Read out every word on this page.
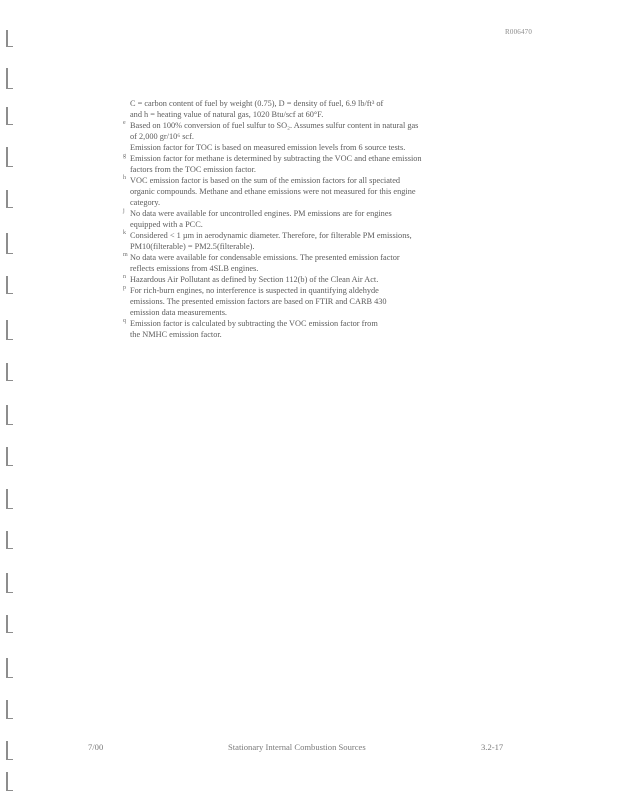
R006470
C = carbon content of fuel by weight (0.75), D = density of fuel, 6.9 lb/ft³ of
and h = heating value of natural gas, 1020 Btu/scf at 60°F.
e Based on 100% conversion of fuel sulfur to SO₂. Assumes sulfur content in natural gas
of 2,000 gr/10⁶ scf.
Emission factor for TOC is based on measured emission levels from 6 source tests.
g Emission factor for methane is determined by subtracting the VOC and ethane emission
factors from the TOC emission factor.
h VOC emission factor is based on the sum of the emission factors for all speciated
organic compounds. Methane and ethane emissions were not measured for this engine
category.
j No data were available for uncontrolled engines. PM emissions are for engines
equipped with a PCC.
k Considered < 1 µm in aerodynamic diameter. Therefore, for filterable PM emissions,
PM10(filterable) = PM2.5(filterable).
m No data were available for condensable emissions. The presented emission factor
reflects emissions from 4SLB engines.
n Hazardous Air Pollutant as defined by Section 112(b) of the Clean Air Act.
p For rich-burn engines, no interference is suspected in quantifying aldehyde
emissions. The presented emission factors are based on FTIR and CARB 430
emission data measurements.
q Emission factor is calculated by subtracting the VOC emission factor from
the NMHC emission factor.
7/00	Stationary Internal Combustion Sources	3.2-17
